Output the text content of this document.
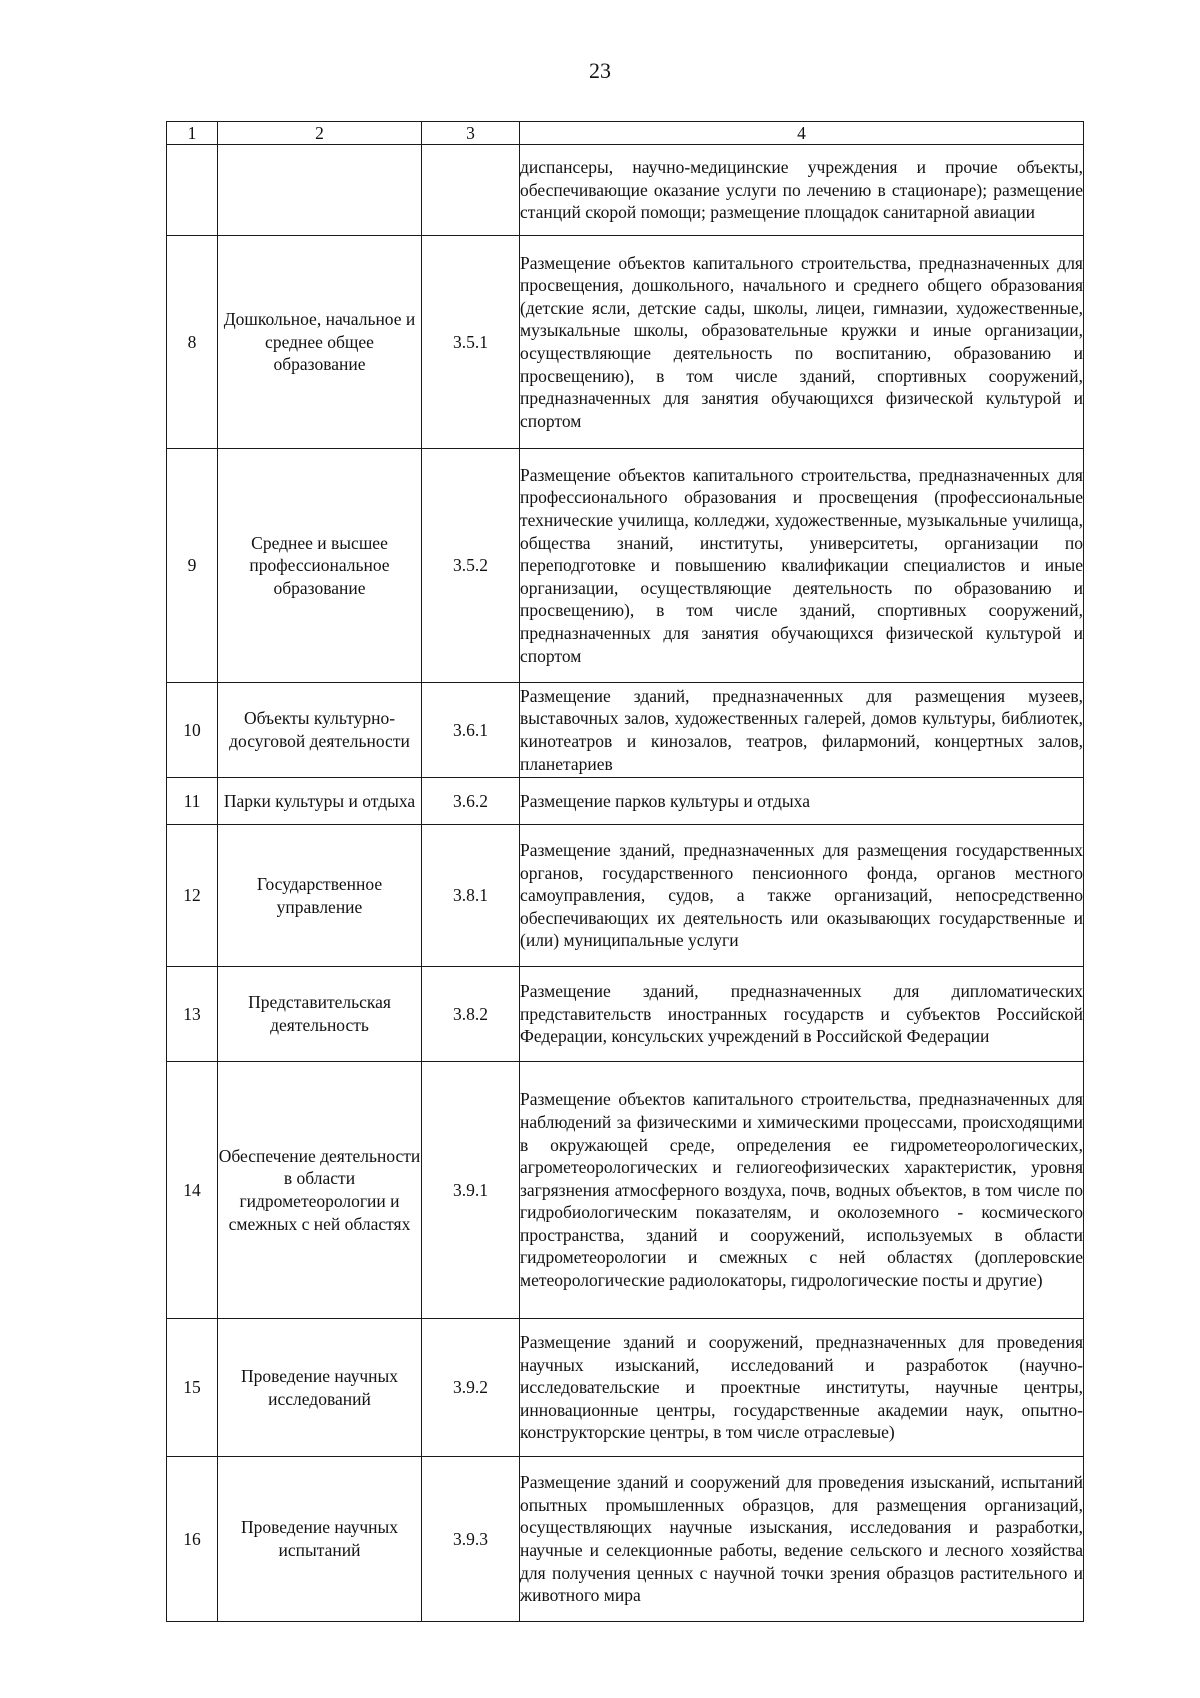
23
1	2	3	4

			диспансеры, научно-медицинские учреждения и прочие объекты, обеспечивающие оказание услуги по лечению в стационаре); размещение станций скорой помощи; размещение площадок санитарной авиации

8	Дошкольное, начальное и среднее общее образование	3.5.1	Размещение объектов капитального строительства, предназначенных для просвещения, дошкольного, начального и среднего общего образования (детские ясли, детские сады, школы, лицеи, гимназии, художественные, музыкальные школы, образовательные кружки и иные организации, осуществляющие деятельность по воспитанию, образованию и просвещению), в том числе зданий, спортивных сооружений, предназначенных для занятия обучающихся физической культурой и спортом

9	Среднее и высшее профессиональное образование	3.5.2	Размещение объектов капитального строительства, предназначенных для профессионального образования и просвещения (профессиональные технические училища, колледжи, художественные, музыкальные училища, общества знаний, институты, университеты, организации по переподготовке и повышению квалификации специалистов и иные организации, осуществляющие деятельность по образованию и просвещению), в том числе зданий, спортивных сооружений, предназначенных для занятия обучающихся физической культурой и спортом

10	Объекты культурно-досуговой деятельности	3.6.1	Размещение зданий, предназначенных для размещения музеев, выставочных залов, художественных галерей, домов культуры, библиотек, кинотеатров и кинозалов, театров, филармоний, концертных залов, планетариев

11	Парки культуры и отдыха	3.6.2	Размещение парков культуры и отдыха

12	Государственное управление	3.8.1	Размещение зданий, предназначенных для размещения государственных органов, государственного пенсионного фонда, органов местного самоуправления, судов, а также организаций, непосредственно обеспечивающих их деятельность или оказывающих государственные и (или) муниципальные услуги

13	Представительская деятельность	3.8.2	Размещение зданий, предназначенных для дипломатических представительств иностранных государств и субъектов Российской Федерации, консульских учреждений в Российской Федерации

14	Обеспечение деятельности в области гидрометеорологии и смежных с ней областях	3.9.1	Размещение объектов капитального строительства, предназначенных для наблюдений за физическими и химическими процессами, происходящими в окружающей среде, определения ее гидрометеорологических, агрометеорологических и гелиогеофизических характеристик, уровня загрязнения атмосферного воздуха, почв, водных объектов, в том числе по гидробиологическим показателям, и околоземного - космического пространства, зданий и сооружений, используемых в области гидрометеорологии и смежных с ней областях (доплеровские метеорологические радиолокаторы, гидрологические посты и другие)

15	Проведение научных исследований	3.9.2	Размещение зданий и сооружений, предназначенных для проведения научных изысканий, исследований и разработок (научно-исследовательские и проектные институты, научные центры, инновационные центры, государственные академии наук, опытно-конструкторские центры, в том числе отраслевые)

16	Проведение научных испытаний	3.9.3	Размещение зданий и сооружений для проведения изысканий, испытаний опытных промышленных образцов, для размещения организаций, осуществляющих научные изыскания, исследования и разработки, научные и селекционные работы, ведение сельского и лесного хозяйства для получения ценных с научной точки зрения образцов растительного и животного мира
